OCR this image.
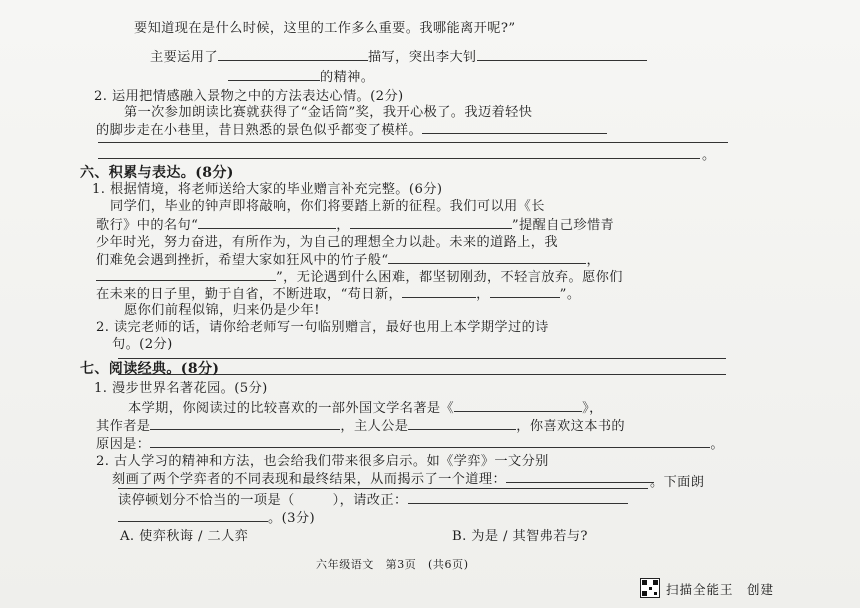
要知道现在是什么时候，这里的工作多么重要。我哪能离开呢?”
主要运用了	描写，突出李大钊
的精神。
2. 运用把情感融入景物之中的方法表达心情。(2分)
第一次参加朗读比赛就获得了“金话筒”奖，我开心极了。我迈着轻快
的脚步走在小巷里，昔日熟悉的景色似乎都变了模样。
。
六、积累与表达。(8分)
1. 根据情境，将老师送给大家的毕业赠言补充完整。(6分)
同学们，毕业的钟声即将敲响，你们将要踏上新的征程。我们可以用《长
歌行》中的名句“	，	”提醒自己珍惜青
少年时光，努力奋进，有所作为，为自己的理想全力以赴。未来的道路上，我
们难免会遇到挫折，希望大家如狂风中的竹子般“	，
”，无论遇到什么困难，都坚韧刚劲，不轻言放弃。愿你们
在未来的日子里，勤于自省，不断进取，“苟日新，	，	”。
愿你们前程似锦，归来仍是少年!
2. 读完老师的话，请你给老师写一句临别赠言，最好也用上本学期学过的诗
句。(2分)
七、阅读经典。(8分)
1. 漫步世界名著花园。(5分)
本学期，你阅读过的比较喜欢的一部外国文学名著是《	》，
其作者是	，主人公是	，你喜欢这本书的
原因是：	。
2. 古人学习的精神和方法，也会给我们带来很多启示。如《学弈》一文分别
刻画了两个学弈者的不同表现和最终结果，从而揭示了一个道理：	。下面朗
读停顿划分不恰当的一项是（	），请改正：
。(3分)
A. 使弈秋诲 / 二人弈	B. 为是 / 其智弗若与?
六年级语文　第3页　(共6页)
扫描全能王　创建
